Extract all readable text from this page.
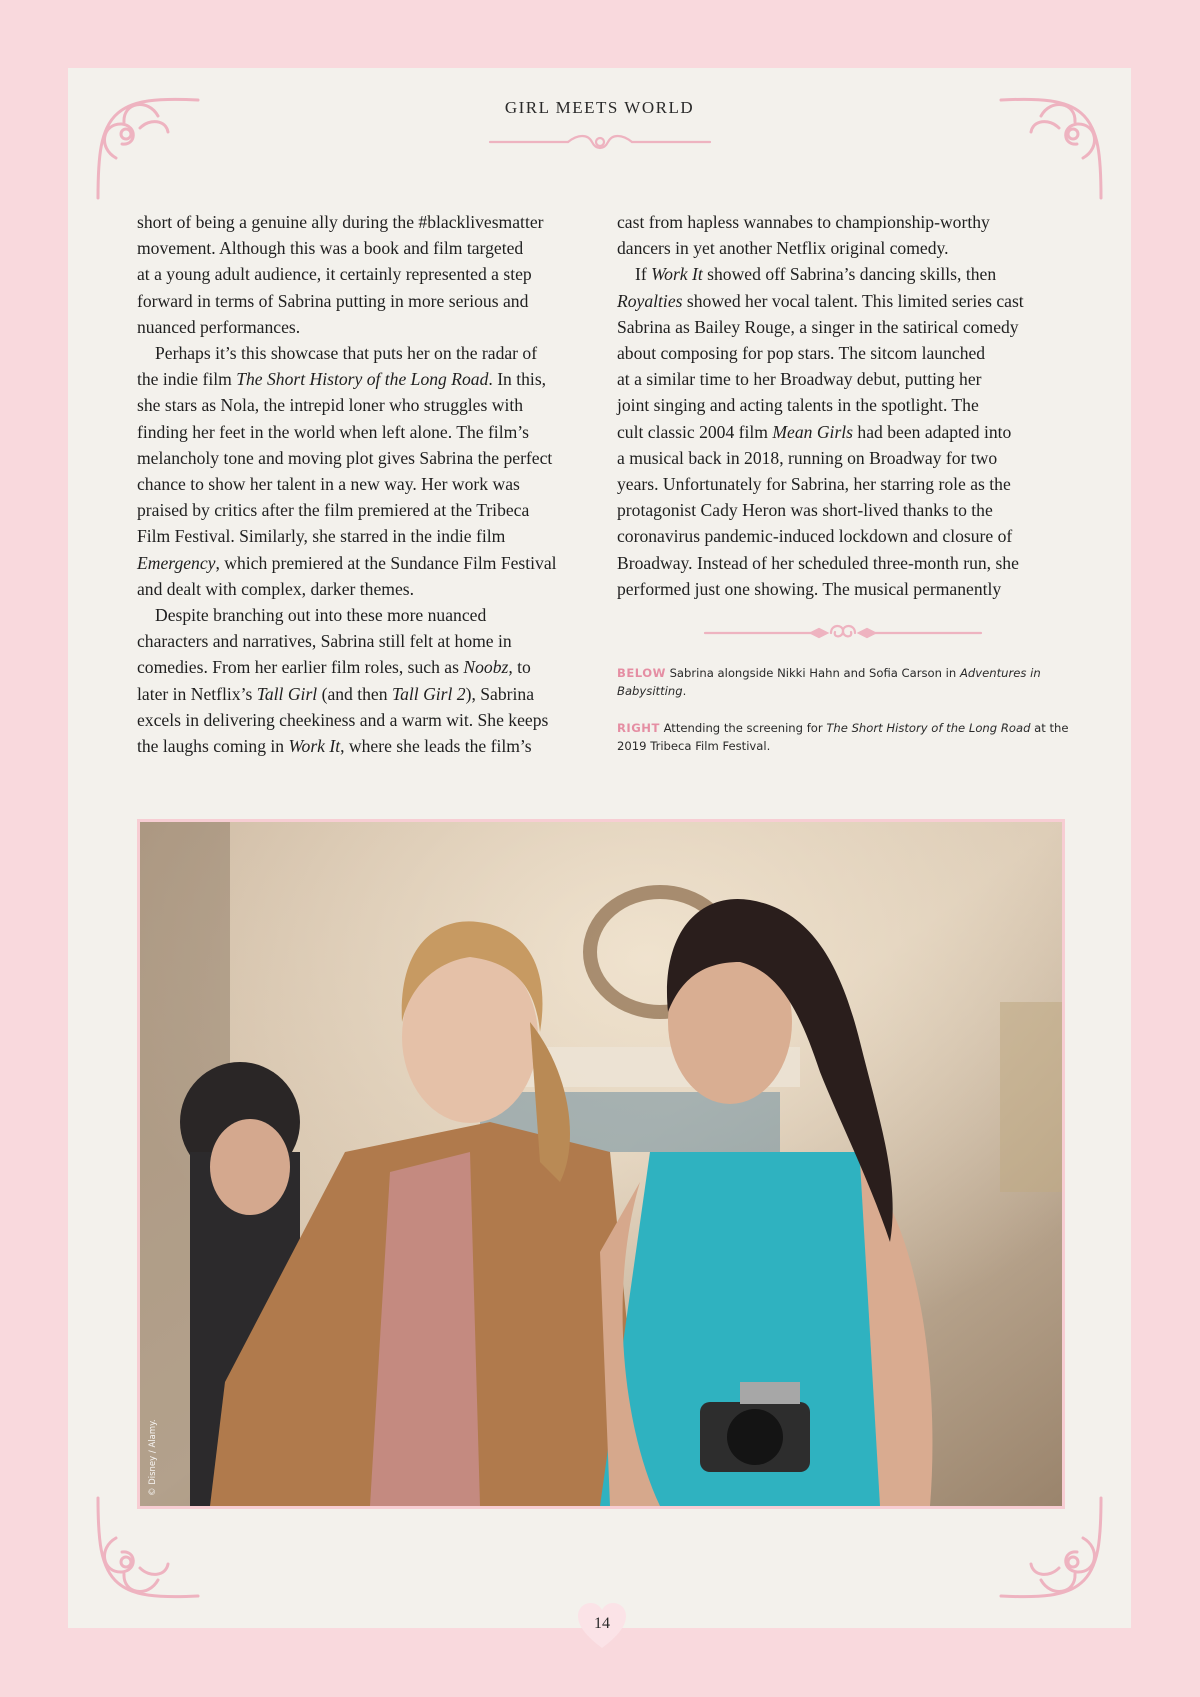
GIRL MEETS WORLD
short of being a genuine ally during the #blacklivesmatter
movement. Although this was a book and film targeted
at a young adult audience, it certainly represented a step
forward in terms of Sabrina putting in more serious and
nuanced performances.
Perhaps it’s this showcase that puts her on the radar of
the indie film The Short History of the Long Road. In this,
she stars as Nola, the intrepid loner who struggles with
finding her feet in the world when left alone. The film’s
melancholy tone and moving plot gives Sabrina the perfect
chance to show her talent in a new way. Her work was
praised by critics after the film premiered at the Tribeca
Film Festival. Similarly, she starred in the indie film
Emergency, which premiered at the Sundance Film Festival
and dealt with complex, darker themes.
Despite branching out into these more nuanced
characters and narratives, Sabrina still felt at home in
comedies. From her earlier film roles, such as Noobz, to
later in Netflix’s Tall Girl (and then Tall Girl 2), Sabrina
excels in delivering cheekiness and a warm wit. She keeps
the laughs coming in Work It, where she leads the film’s
cast from hapless wannabes to championship-worthy
dancers in yet another Netflix original comedy.
If Work It showed off Sabrina’s dancing skills, then
Royalties showed her vocal talent. This limited series cast
Sabrina as Bailey Rouge, a singer in the satirical comedy
about composing for pop stars. The sitcom launched
at a similar time to her Broadway debut, putting her
joint singing and acting talents in the spotlight. The
cult classic 2004 film Mean Girls had been adapted into
a musical back in 2018, running on Broadway for two
years. Unfortunately for Sabrina, her starring role as the
protagonist Cady Heron was short-lived thanks to the
coronavirus pandemic-induced lockdown and closure of
Broadway. Instead of her scheduled three-month run, she
performed just one showing. The musical permanently
BELOW Sabrina alongside Nikki Hahn and Sofia Carson in Adventures in Babysitting.
RIGHT Attending the screening for The Short History of the Long Road at the 2019 Tribeca Film Festival.
© Disney / Alamy.
14
